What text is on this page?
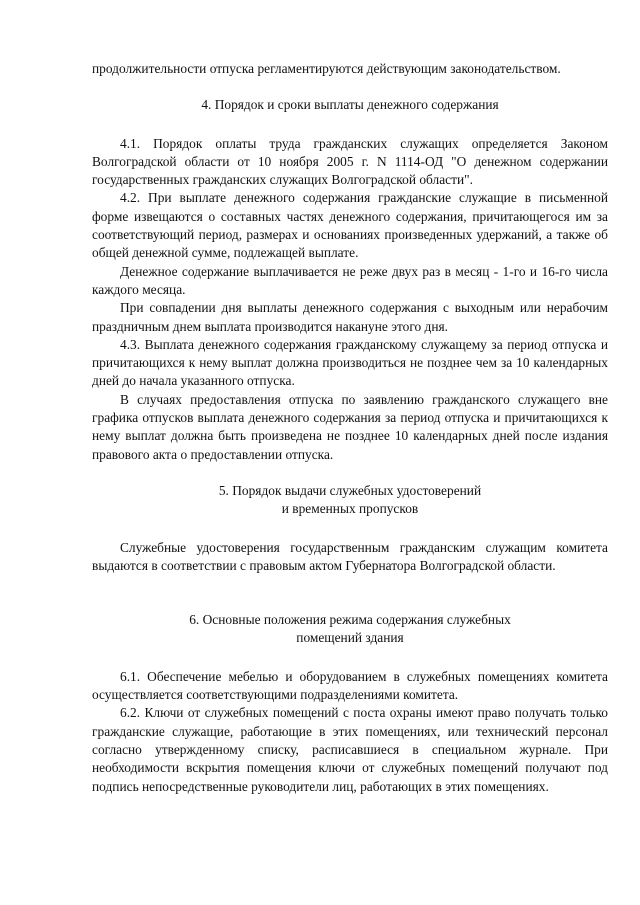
продолжительности отпуска регламентируются действующим законодательством.

4. Порядок и сроки выплаты денежного содержания

4.1. Порядок оплаты труда гражданских служащих определяется Законом Волгоградской области от 10 ноября 2005 г. N 1114-ОД "О денежном содержании государственных гражданских служащих Волгоградской области".

4.2. При выплате денежного содержания гражданские служащие в письменной форме извещаются о составных частях денежного содержания, причитающегося им за соответствующий период, размерах и основаниях произведенных удержаний, а также об общей денежной сумме, подлежащей выплате.

Денежное содержание выплачивается не реже двух раз в месяц - 1-го и 16-го числа каждого месяца.

При совпадении дня выплаты денежного содержания с выходным или нерабочим праздничным днем выплата производится накануне этого дня.

4.3. Выплата денежного содержания гражданскому служащему за период отпуска и причитающихся к нему выплат должна производиться не позднее чем за 10 календарных дней до начала указанного отпуска.

В случаях предоставления отпуска по заявлению гражданского служащего вне графика отпусков выплата денежного содержания за период отпуска и причитающихся к нему выплат должна быть произведена не позднее 10 календарных дней после издания правового акта о предоставлении отпуска.

5. Порядок выдачи служебных удостоверений

и временных пропусков

Служебные удостоверения государственным гражданским служащим комитета выдаются в соответствии с правовым актом Губернатора Волгоградской области.

6. Основные положения режима содержания служебных

помещений здания

6.1. Обеспечение мебелью и оборудованием в служебных помещениях комитета осуществляется соответствующими подразделениями комитета.

6.2. Ключи от служебных помещений с поста охраны имеют право получать только гражданские служащие, работающие в этих помещениях, или технический персонал согласно утвержденному списку, расписавшиеся в специальном журнале. При необходимости вскрытия помещения ключи от служебных помещений получают под подпись непосредственные руководители лиц, работающих в этих помещениях.
